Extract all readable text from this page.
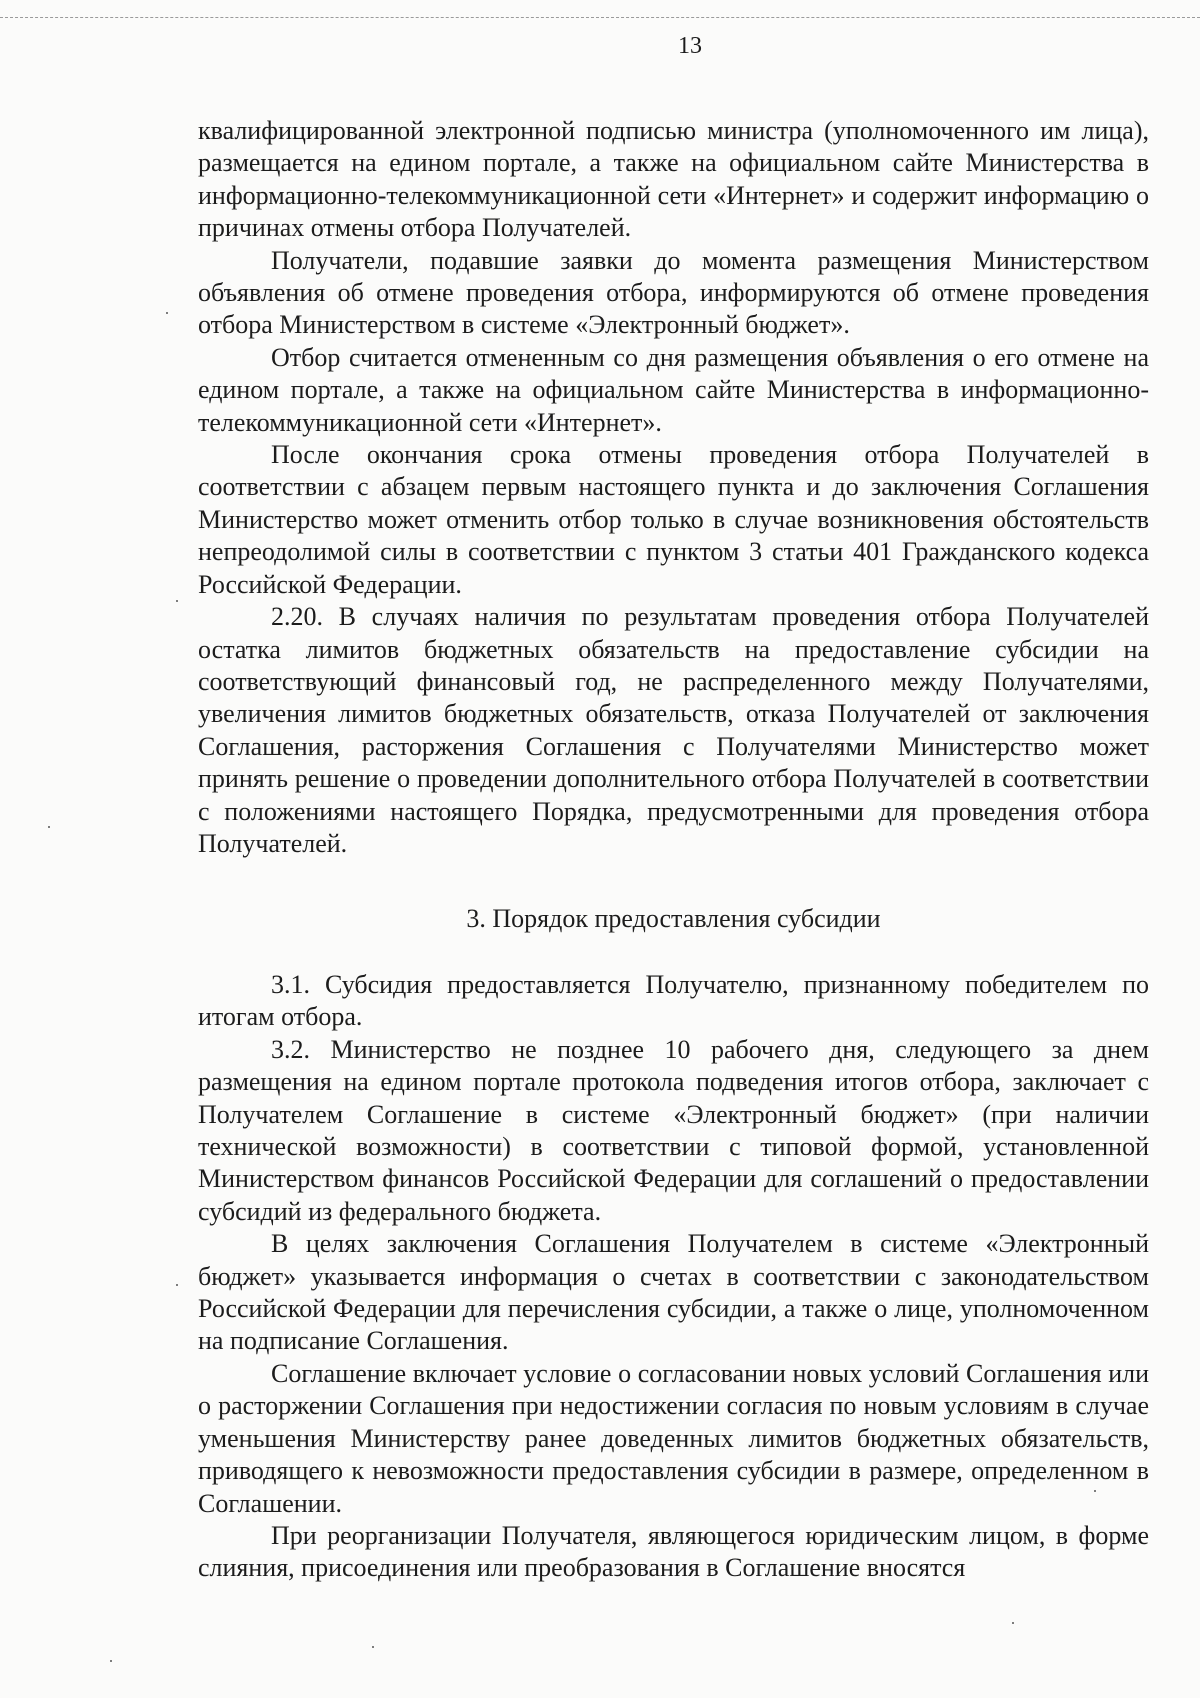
13

квалифицированной электронной подписью министра (уполномоченного им лица), размещается на едином портале, а также на официальном сайте Министерства в информационно-телекоммуникационной сети «Интернет» и содержит информацию о причинах отмены отбора Получателей.

Получатели, подавшие заявки до момента размещения Министерством объявления об отмене проведения отбора, информируются об отмене проведения отбора Министерством в системе «Электронный бюджет».

Отбор считается отмененным со дня размещения объявления о его отмене на едином портале, а также на официальном сайте Министерства в информационно-телекоммуникационной сети «Интернет».

После окончания срока отмены проведения отбора Получателей в соответствии с абзацем первым настоящего пункта и до заключения Соглашения Министерство может отменить отбор только в случае возникновения обстоятельств непреодолимой силы в соответствии с пунктом 3 статьи 401 Гражданского кодекса Российской Федерации.

2.20. В случаях наличия по результатам проведения отбора Получателей остатка лимитов бюджетных обязательств на предоставление субсидии на соответствующий финансовый год, не распределенного между Получателями, увеличения лимитов бюджетных обязательств, отказа Получателей от заключения Соглашения, расторжения Соглашения с Получателями Министерство может принять решение о проведении дополнительного отбора Получателей в соответствии с положениями настоящего Порядка, предусмотренными для проведения отбора Получателей.

3. Порядок предоставления субсидии

3.1. Субсидия предоставляется Получателю, признанному победителем по итогам отбора.

3.2. Министерство не позднее 10 рабочего дня, следующего за днем размещения на едином портале протокола подведения итогов отбора, заключает с Получателем Соглашение в системе «Электронный бюджет» (при наличии технической возможности) в соответствии с типовой формой, установленной Министерством финансов Российской Федерации для соглашений о предоставлении субсидий из федерального бюджета.

В целях заключения Соглашения Получателем в системе «Электронный бюджет» указывается информация о счетах в соответствии с законодательством Российской Федерации для перечисления субсидии, а также о лице, уполномоченном на подписание Соглашения.

Соглашение включает условие о согласовании новых условий Соглашения или о расторжении Соглашения при недостижении согласия по новым условиям в случае уменьшения Министерству ранее доведенных лимитов бюджетных обязательств, приводящего к невозможности предоставления субсидии в размере, определенном в Соглашении.

При реорганизации Получателя, являющегося юридическим лицом, в форме слияния, присоединения или преобразования в Соглашение вносятся
